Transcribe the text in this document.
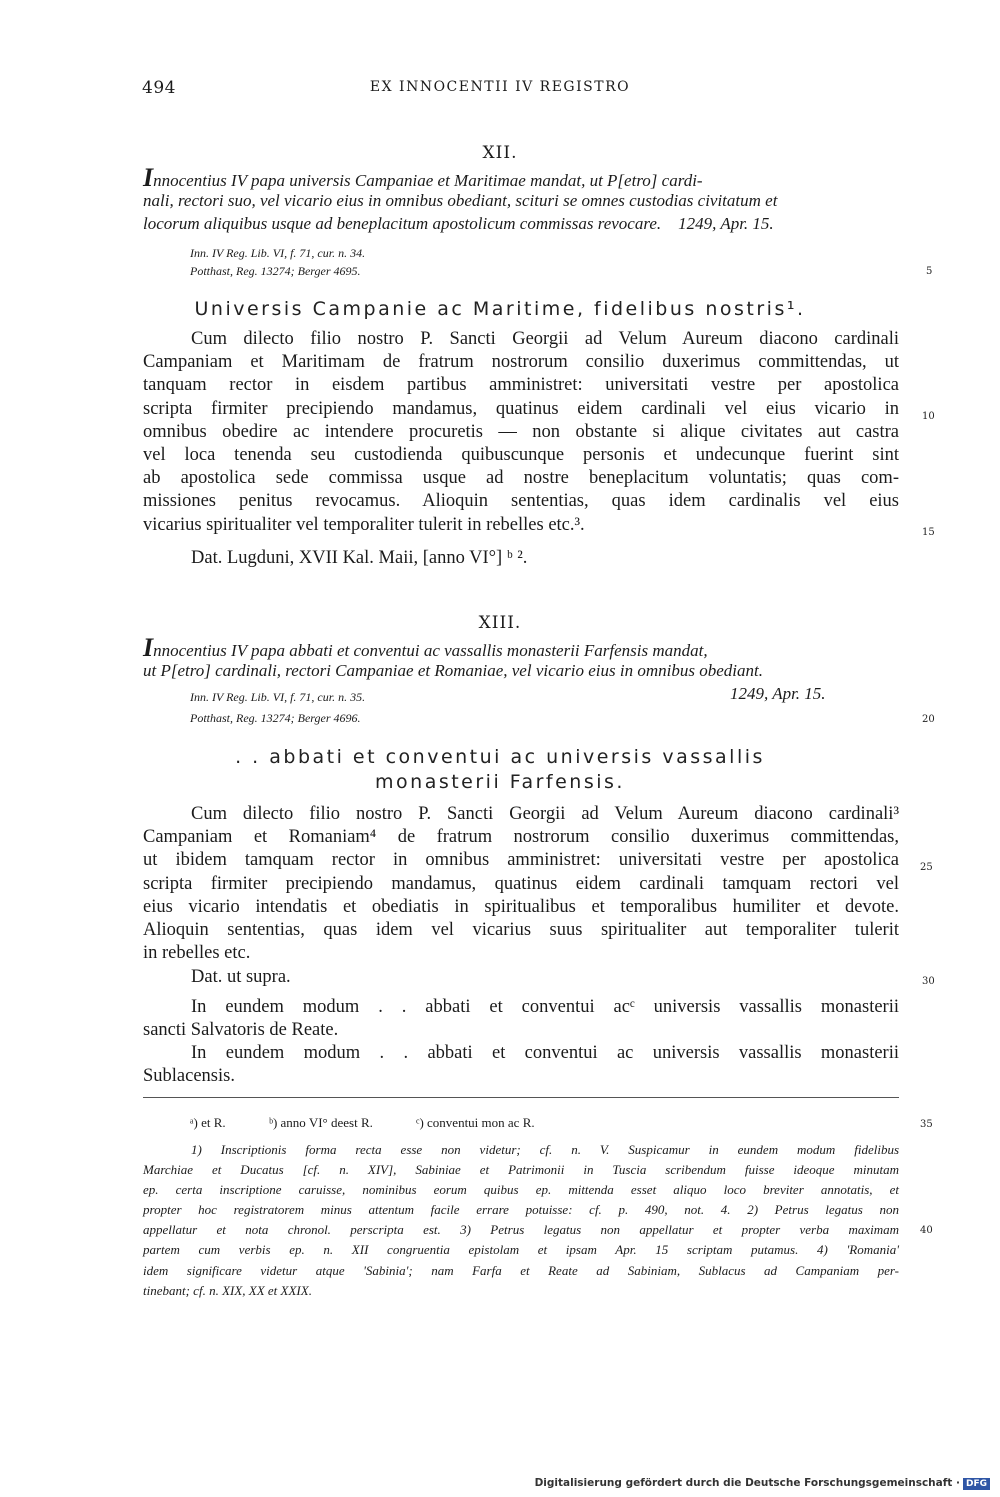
494	EX INNOCENTII IV REGISTRO
XII.
Innocentius IV papa universis Campaniae et Maritimae mandat, ut P[etro] cardi-
nali, rectori suo, vel vicario eius in omnibus obediant, scituri se omnes custodias civitatum et
locorum aliquibus usque ad beneplacitum apostolicum commissas revocare. 1249, Apr. 15.
Inn. IV Reg. Lib. VI, f. 71, cur. n. 34.
Potthast, Reg. 13274; Berger 4695.	5
Universis Campanie ac Maritime, fidelibus nostris¹.
Cum dilecto filio nostro P. Sancti Georgii ad Velum Aureum diacono cardinali
Campaniam et Maritimam de fratrum nostrorum consilio duxerimus committendas, ut
tanquam rector in eisdem partibus amministret: universitati vestre per apostolica
scripta firmiter precipiendo mandamus, quatinus eidem cardinali vel eius vicario in
omnibus obedire ac intendere procuretis — non obstante si alique civitates aut castra
vel loca tenenda seu custodienda quibuscunque personis et undecunque fuerint sint
ab apostolica sede commissa usque ad nostre beneplacitum voluntatis; quas com-
missiones penitus revocamus. Alioquin sententias, quas idem cardinalis vel eius
vicarius spiritualiter vel temporaliter tulerit in rebelles etc.³.
10
15
Dat. Lugduni, XVII Kal. Maii, [anno VI°] ᵇ ².
XIII.
Innocentius IV papa abbati et conventui ac vassallis monasterii Farfensis mandat,
ut P[etro] cardinali, rectori Campaniae et Romaniae, vel vicario eius in omnibus obediant.
Inn. IV Reg. Lib. VI, f. 71, cur. n. 35.	1249, Apr. 15.
Potthast, Reg. 13274; Berger 4696.	20
. . abbati et conventui ac universis vassallis
monasterii Farfensis.
Cum dilecto filio nostro P. Sancti Georgii ad Velum Aureum diacono cardinali³
Campaniam et Romaniam⁴ de fratrum nostrorum consilio duxerimus committendas,
ut ibidem tamquam rector in omnibus amministret: universitati vestre per apostolica
scripta firmiter precipiendo mandamus, quatinus eidem cardinali tamquam rectori vel
eius vicario intendatis et obediatis in spiritualibus et temporalibus humiliter et devote.
Alioquin sententias, quas idem vel vicarius suus spiritualiter aut temporaliter tulerit
in rebelles etc.
25
Dat. ut supra.	30
In eundem modum . . abbati et conventui acᶜ universis vassallis monasterii
sancti Salvatoris de Reate.
In eundem modum . . abbati et conventui ac universis vassallis monasterii
Sublacensis.
ᵃ) et R.	ᵇ) anno VI° deest R.	ᶜ) conventui mon ac R.	35
1) Inscriptionis forma recta esse non videtur; cf. n. V. Suspicamur in eundem modum fidelibus
Marchiae et Ducatus [cf. n. XIV], Sabiniae et Patrimonii in Tuscia scribendum fuisse ideoque minutam
ep. certa inscriptione caruisse, nominibus eorum quibus ep. mittenda esset aliquo loco breviter annotatis, et
propter hoc registratorem minus attentum facile errare potuisse: cf. p. 490, not. 4. 2) Petrus legatus non
appellatur et nota chronol. perscripta est. 3) Petrus legatus non appellatur et propter verba maximam
partem cum verbis ep. n. XII congruentia epistolam et ipsam Apr. 15 scriptam putamus. 4) 'Romania'
idem significare videtur atque 'Sabinia'; nam Farfa et Reate ad Sabiniam, Sublacus ad Campaniam per-
tinebant; cf. n. XIX, XX et XXIX.
40
Digitalisierung gefördert durch die Deutsche Forschungsgemeinschaft · DFG
